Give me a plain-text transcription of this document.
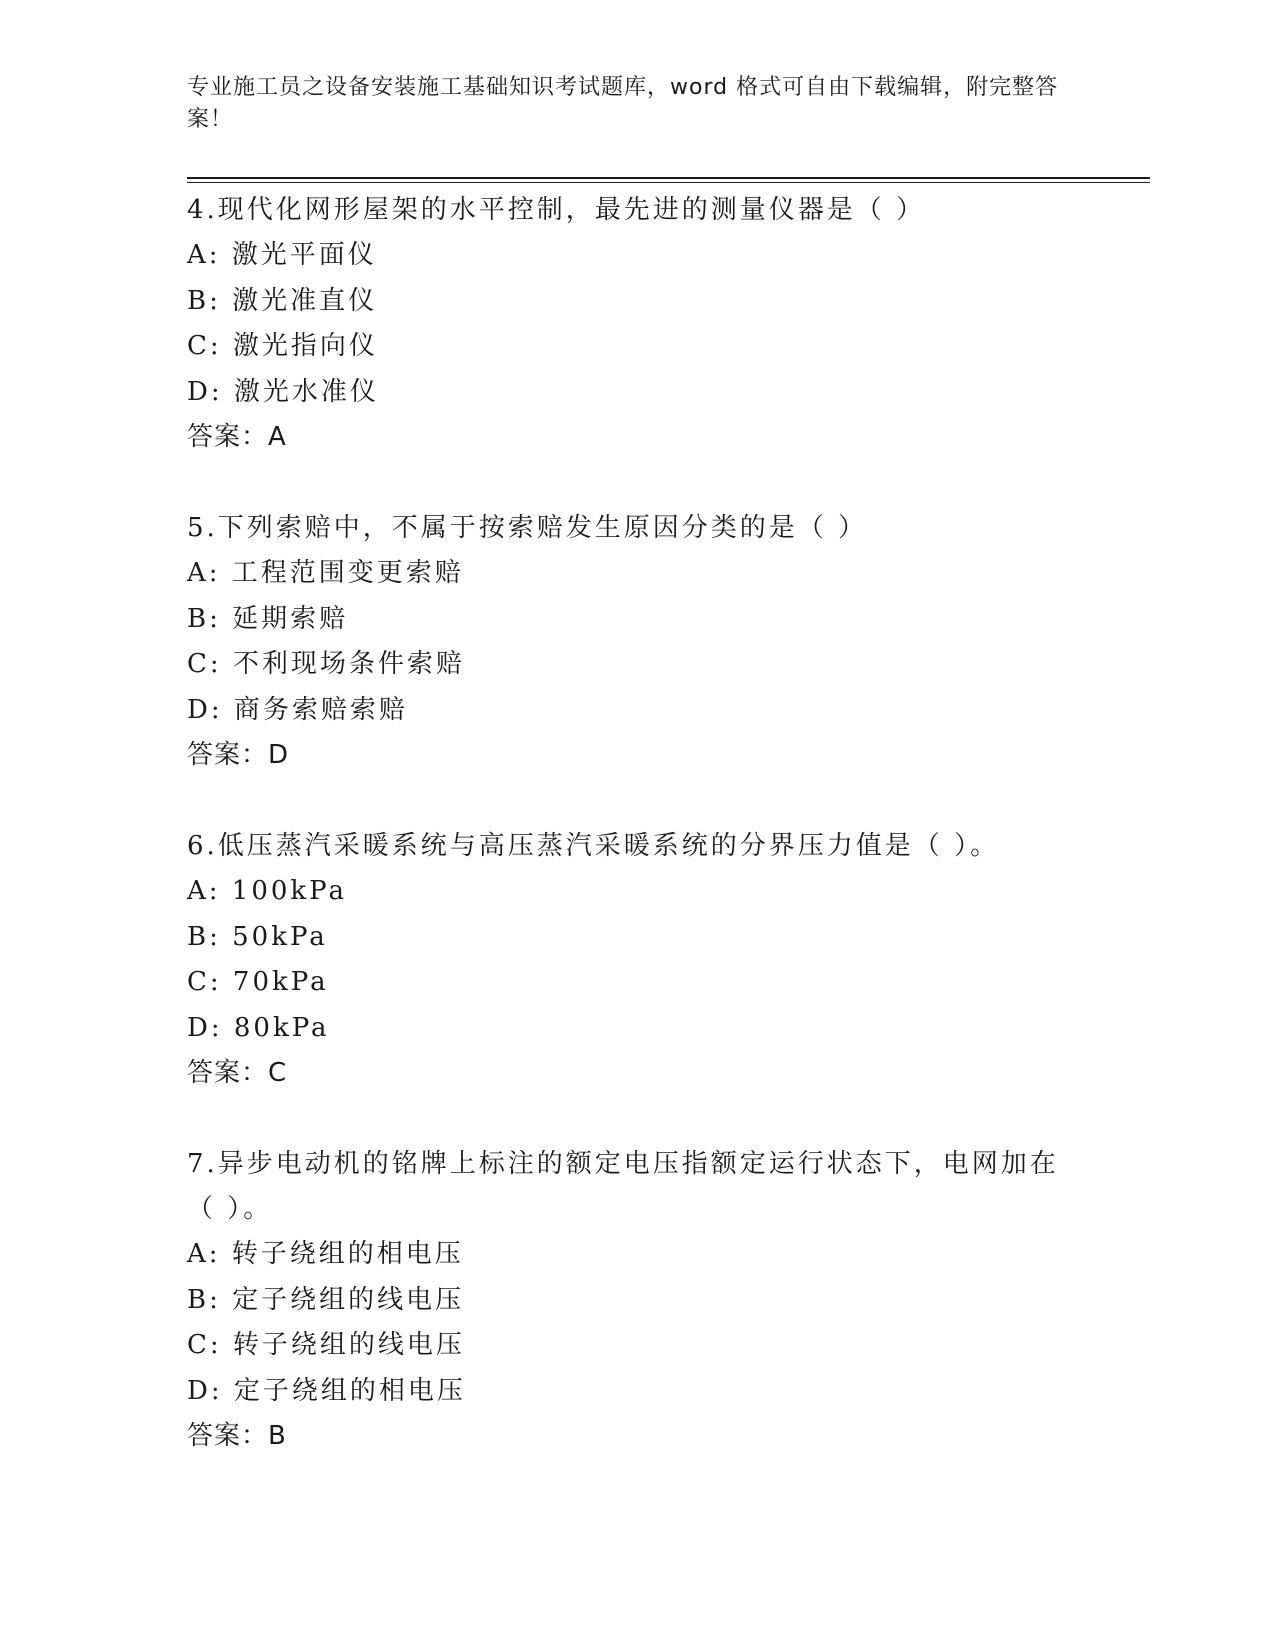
专业施工员之设备安装施工基础知识考试题库，word 格式可自由下载编辑，附完整答案！
4.现代化网形屋架的水平控制，最先进的测量仪器是（ ）
A: 激光平面仪
B: 激光准直仪
C: 激光指向仪
D: 激光水准仪
答案：A
5.下列索赔中，不属于按索赔发生原因分类的是（ ）
A: 工程范围变更索赔
B: 延期索赔
C: 不利现场条件索赔
D: 商务索赔索赔
答案：D
6.低压蒸汽采暖系统与高压蒸汽采暖系统的分界压力值是（ ）。
A: 100kPa
B: 50kPa
C: 70kPa
D: 80kPa
答案：C
7.异步电动机的铭牌上标注的额定电压指额定运行状态下，电网加在（ ）。
A: 转子绕组的相电压
B: 定子绕组的线电压
C: 转子绕组的线电压
D: 定子绕组的相电压
答案：B
